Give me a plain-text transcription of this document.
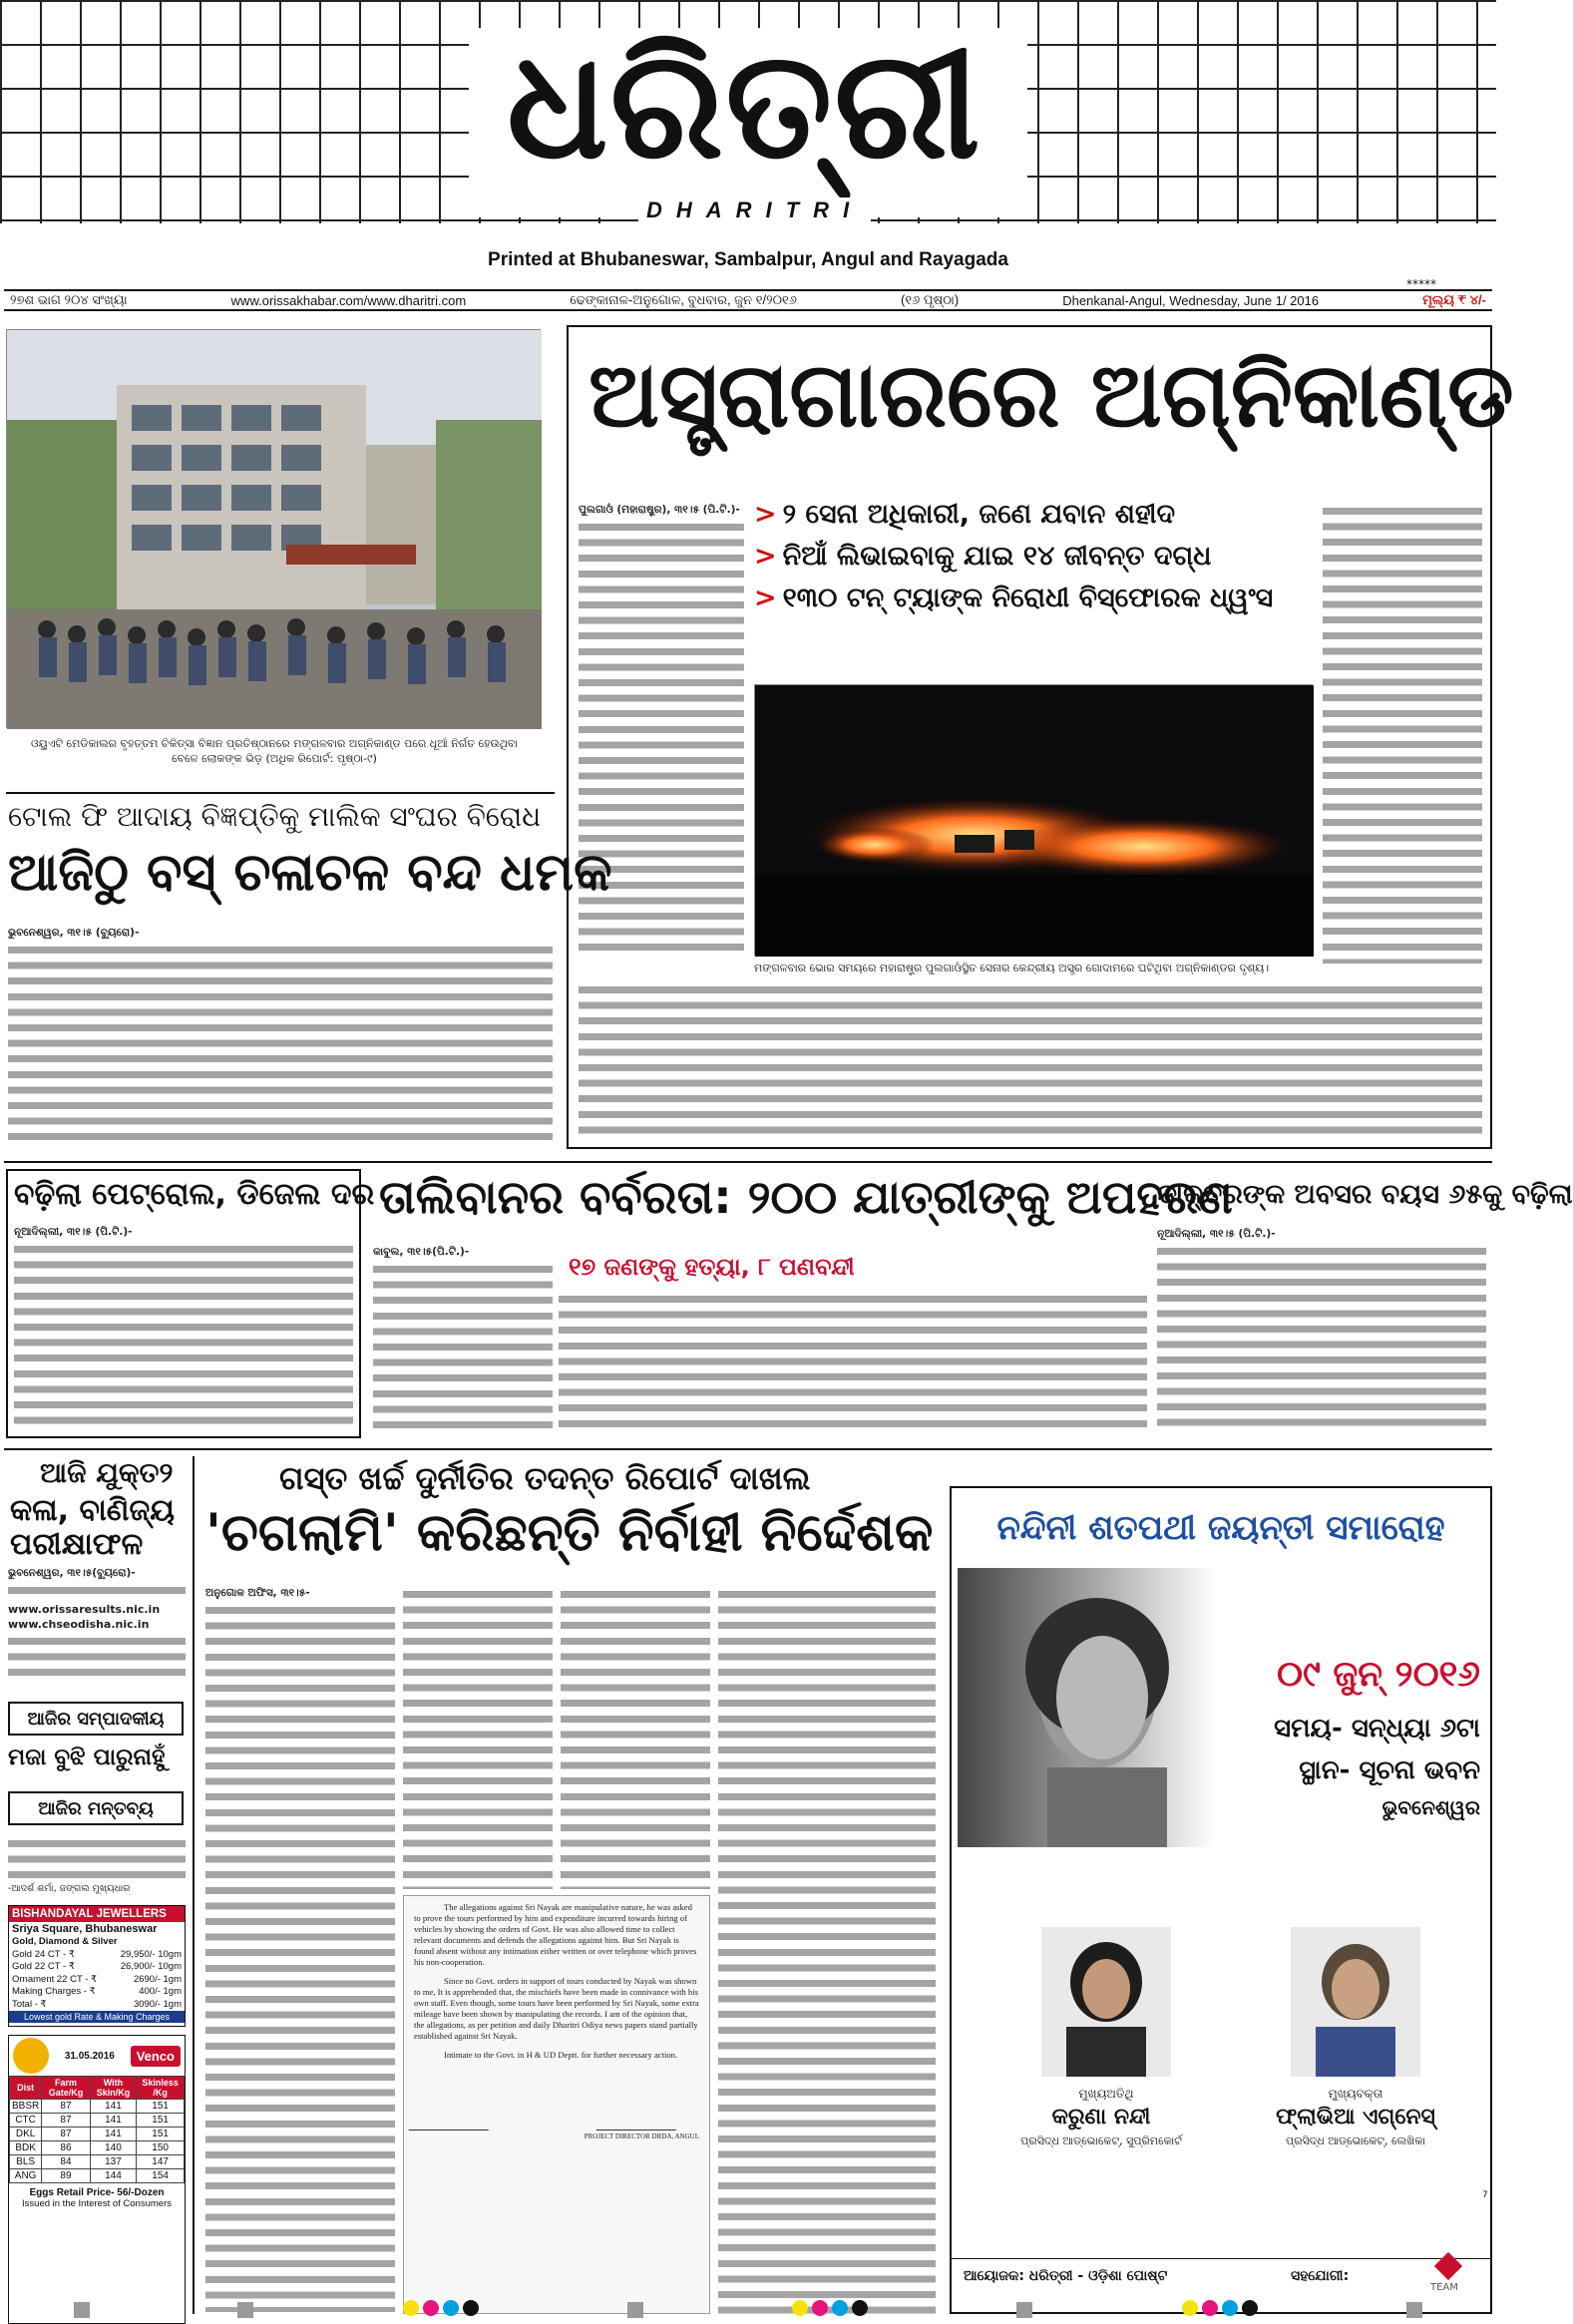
ଧରିତ୍ରୀ
DHARITRI
Printed at Bhubaneswar, Sambalpur, Angul and Rayagada
*****
୨୭ଶ ଭାଗ ୨୦୪ ସଂଖ୍ୟା	www.orissakhabar.com/www.dharitri.com	ଢେଙ୍କାନାଳ-ଅନୁଗୋଳ, ବୁଧବାର, ଜୁନ ୧/୨୦୧୬	(୧୬ ପୃଷ୍ଠା)	Dhenkanal-Angul, Wednesday, June 1/ 2016	ମୂଲ୍ୟ ₹ ୪/-
ଓୟୁଏଟି ମେଡିକାଲର ବୃହତ୍ତମ ଚିକିତ୍ସା ବିଜ୍ଞାନ ପ୍ରତିଷ୍ଠାନରେ ମଙ୍ଗଳବାର ଅଗ୍ନିକାଣ୍ଡ ପରେ ଧୂଆଁ ନିର୍ଗତ ହେଉଥିବା ବେଳେ ଲୋକଙ୍କ ଭିଡ଼ (ଅଧିକ ରିପୋର୍ଟ: ପୃଷ୍ଠା-୯)
ଅସ୍ତ୍ରାଗାରରେ ଅଗ୍ନିକାଣ୍ଡ
ପୁଲଗାଓଁ (ମହାରାଷ୍ଟ୍ର), ୩୧।୫ (ପି.ଟି.)- > ୨ ସେନା ଅଧିକାରୀ, ଜଣେ ଯବାନ ଶହୀଦ
> ନିଆଁ ଲିଭାଇବାକୁ ଯାଇ ୧୪ ଜୀବନ୍ତ ଦଗ୍ଧ
> ୧୩୦ ଟନ୍ ଟ୍ୟାଙ୍କ ନିରୋଧୀ ବିସ୍ଫୋରକ ଧ୍ୱଂସ
ମଙ୍ଗଳବାର ଭୋର ସମୟରେ ମହାରାଷ୍ଟ୍ର ପୁଲଗାଓଁସ୍ଥିତ ସେନାର କେନ୍ଦ୍ରୀୟ ଅସ୍ତ୍ର ଗୋଦାମରେ ଘଟିଥିବା ଅଗ୍ନିକାଣ୍ଡର ଦୃଶ୍ୟ।
ଟୋଲ ଫି ଆଦାୟ ବିଜ୍ଞପ୍ତିକୁ ମାଲିକ ସଂଘର ବିରୋଧ
ଆଜିଠୁ ବସ୍ ଚଳାଚଳ ବନ୍ଦ ଧମକ
ଭୁବନେଶ୍ୱର, ୩୧।୫ (ବ୍ୟୁରୋ)-
ବଢ଼ିଲା ପେଟ୍ରୋଲ, ଡିଜେଲ ଦର
ନୂଆଦିଲ୍ଲୀ, ୩୧।୫ (ପି.ଟି.)-
ତାଲିବାନର ବର୍ବରତା: ୨୦୦ ଯାତ୍ରୀଙ୍କୁ ଅପହରଣ
୧୭ ଜଣଙ୍କୁ ହତ୍ୟା, ୮ ପଣବନ୍ଦୀ
କାବୁଲ, ୩୧।୫(ପି.ଟି.)-
ଡାକ୍ତରଙ୍କ ଅବସର ବୟସ ୬୫କୁ ବଢ଼ିଲା
ନୂଆଦିଲ୍ଲୀ, ୩୧।୫ (ପି.ଟି.)-
ଆଜି ଯୁକ୍ତ୨
କଳା, ବାଣିଜ୍ୟ ପରୀକ୍ଷାଫଳ
ଭୁବନେଶ୍ୱର, ୩୧।୫(ବ୍ୟୁରୋ)-
www.orissaresults.nic.in
www.chseodisha.nic.in
ଆଜିର ସମ୍ପାଦକୀୟ
ମଜା ବୁଝି ପାରୁନାହୁଁ
ଆଜିର ମନ୍ତବ୍ୟ
-ଆଦର୍ଶ ଶର୍ମା, ଜଙ୍ଗଲ ମୁଖ୍ୟଧାର
BISHANDAYAL JEWELLERS
Sriya Square, Bhubaneswar
Gold, Diamond & Silver
Gold 24 CT - ₹	29,950/- 10gm
Gold 22 CT - ₹	26,900/- 10gm
Ornament 22 CT - ₹	2690/- 1gm
Making Charges - ₹	400/- 1gm
Total - ₹	3090/- 1gm
Lowest gold Rate & Making Charges
31.05.2016	Venco
Dist	Farm Gate/Kg	With Skin/Kg	Skinless /Kg
BBSR	87	141	151
CTC	87	141	151
DKL	87	141	151
BDK	86	140	150
BLS	84	137	147
ANG	89	144	154
Eggs Retail Price- 56/-Dozen
Issued in the Interest of Consumers
ଗସ୍ତ ଖର୍ଚ୍ଚ ଦୁର୍ନୀତିର ତଦନ୍ତ ରିପୋର୍ଟ ଦାଖଲ
'ଚଗଲାମି' କରିଛନ୍ତି ନିର୍ବାହୀ ନିର୍ଦ୍ଦେଶକ
ଅନୁଗୋଳ ଅଫିସ, ୩୧।୫-
The allegations against Sri Nayak are manipulative nature, he was asked to prove the tours performed by him and expenditure incurred towards hiring of vehicles by showing the orders of Govt. He was also allowed time to collect relevant documents and defends the allegations against him. But Sri Nayak is found absent without any intimation either written or over telephone which proves his non-cooperation.
Since no Govt. orders in support of tours conducted by Nayak was shown to me, It is apprehended that, the mischiefs have been made in connivance with his own staff. Even though, some tours have been performed by Sri Nayak, some extra mileage have been shown by manipulating the records. I am of the opinion that, the allegations, as per petition and daily Dharitri Odiya news papers stand partially established against Sri Nayak.
Intimate to the Govt. in H & UD Deptt. for further necessary action.
PROJECT DIRECTOR DRDA, ANGUL
ନନ୍ଦିନୀ ଶତପଥୀ ଜୟନ୍ତୀ ସମାରୋହ
୦୯ ଜୁନ୍ ୨୦୧୬
ସମୟ- ସନ୍ଧ୍ୟା ୬ଟା
ସ୍ଥାନ- ସୂଚନା ଭବନ
ଭୁବନେଶ୍ୱର
ମୁଖ୍ୟଅତିଥି
କରୁଣା ନନ୍ଦୀ
ପ୍ରସିଦ୍ଧ ଆଡ୍‌ଭୋକେଟ୍, ସୁପ୍ରିମକୋର୍ଟ
ମୁଖ୍ୟବକ୍ତା
ଫ୍ଲାଭିଆ ଏଗ୍ନେସ୍
ପ୍ରସିଦ୍ଧ ଆଡ୍‌ଭୋକେଟ୍, ଲେଖିକା
ଆୟୋଜକ: ଧରିତ୍ରୀ - ଓଡ଼ିଶା ପୋଷ୍ଟ	ସହଯୋଗୀ:
TEAM
7
